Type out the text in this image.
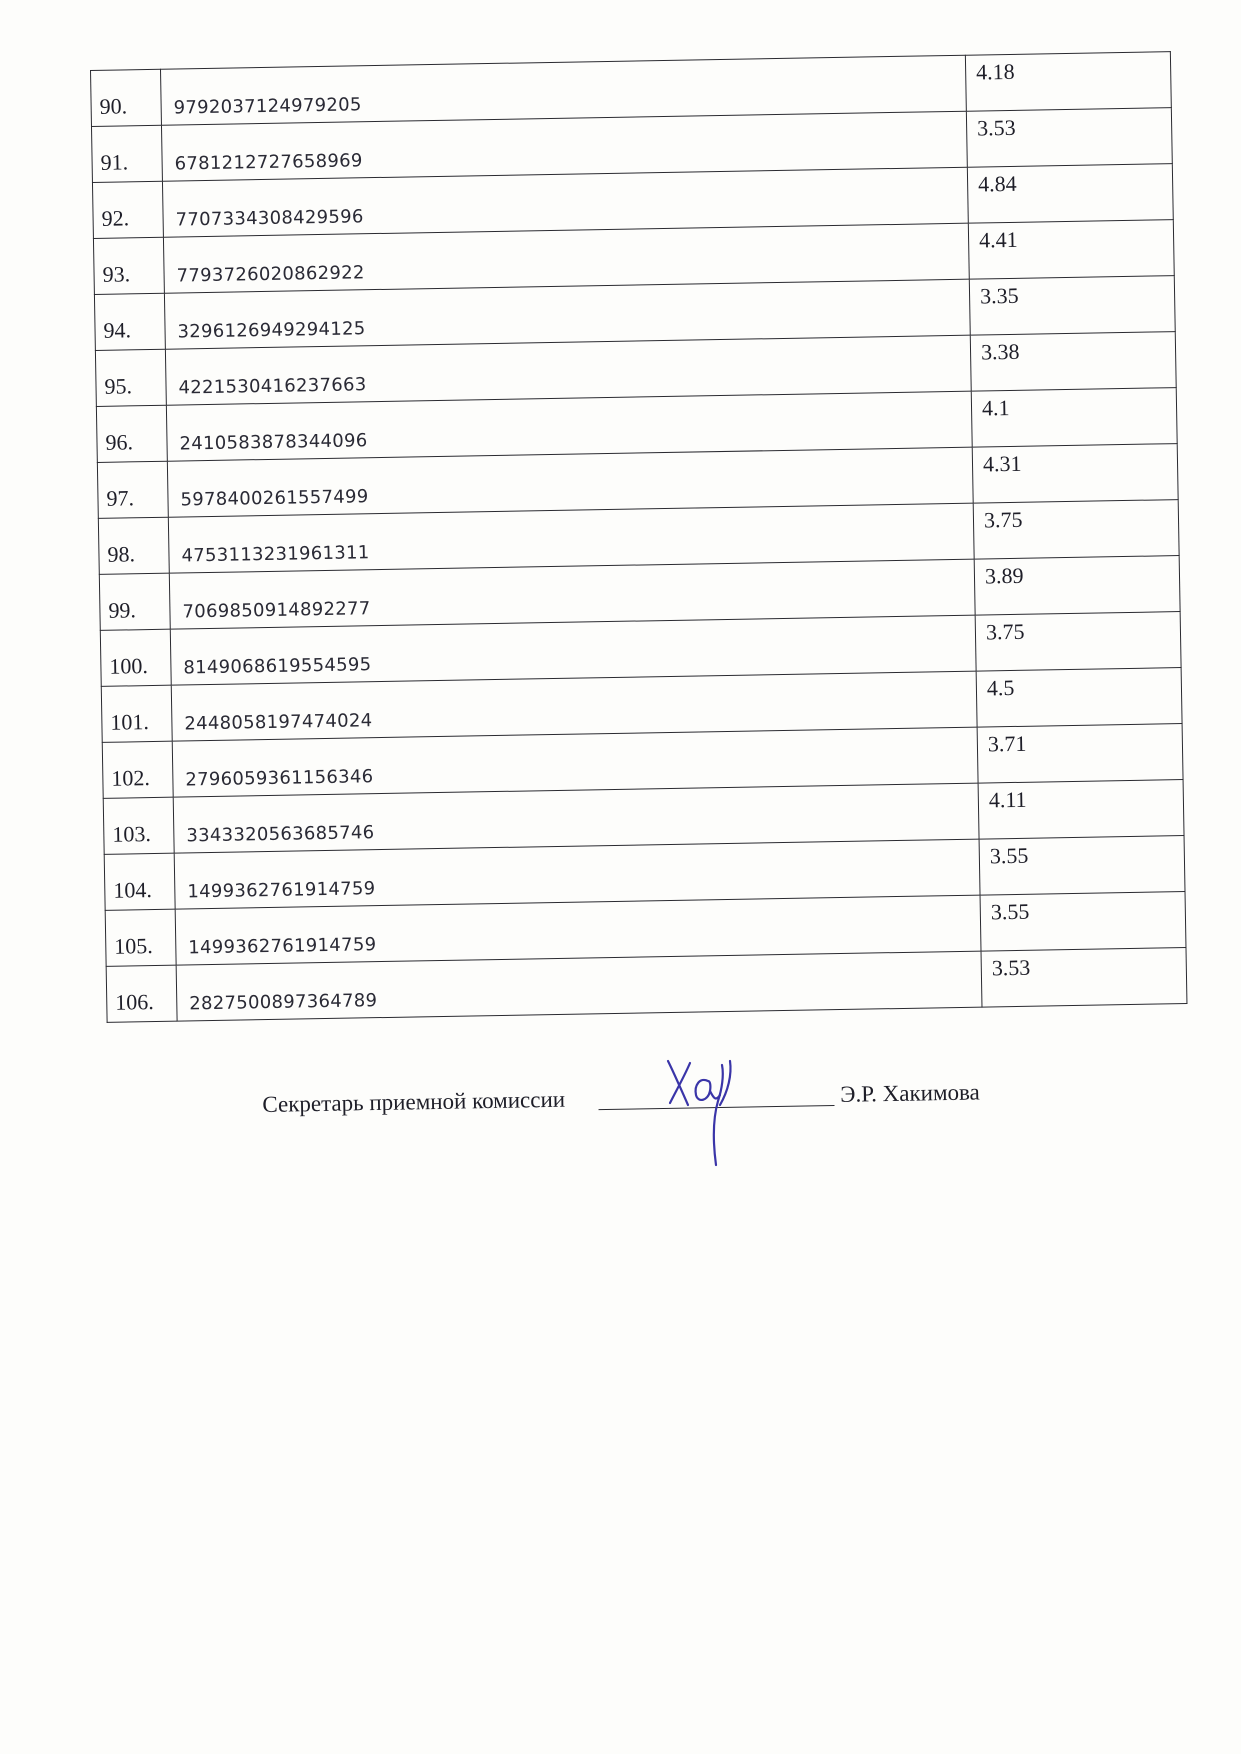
90.	9792037124979205	4.18

91.	6781212727658969	3.53

92.	7707334308429596	4.84

93.	7793726020862922	4.41

94.	3296126949294125	3.35

95.	4221530416237663	3.38

96.	2410583878344096	4.1

97.	5978400261557499	4.31

98.	4753113231961311	3.75

99.	7069850914892277	3.89

100.	8149068619554595	3.75

101.	2448058197474024	4.5

102.	2796059361156346	3.71

103.	3343320563685746	4.11

104.	1499362761914759	3.55

105.	1499362761914759	3.55

106.	2827500897364789	3.53
Секретарь приемной комиссии	Э.Р. Хакимова
